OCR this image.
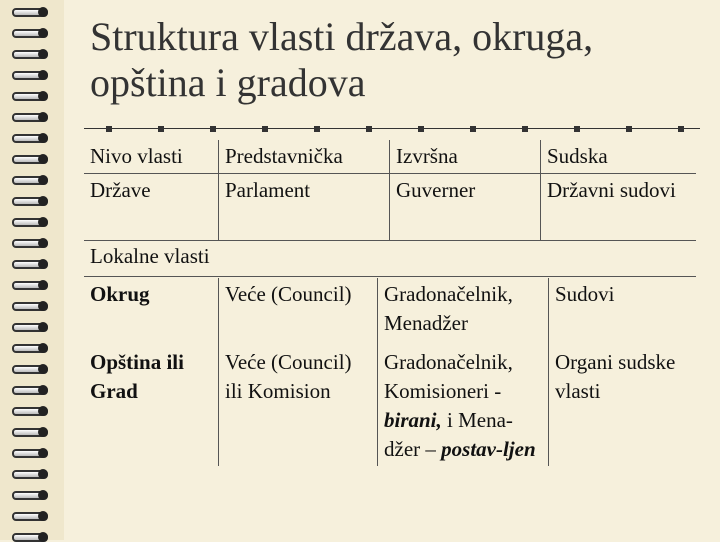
Struktura vlasti država, okruga, opština i gradova
Nivo vlasti	Predstavnička	Izvršna	Sudska
Države	Parlament	Guverner	Državni sudovi
Lokalne vlasti
Okrug	Veće (Council)	Gradonačelnik, Menadžer	Sudovi
Opština ili Grad	Veće (Council) ili Komision	Gradonačelnik, Komisioneri - birani, i Mena-džer – postav-ljen	Organi sudske vlasti
